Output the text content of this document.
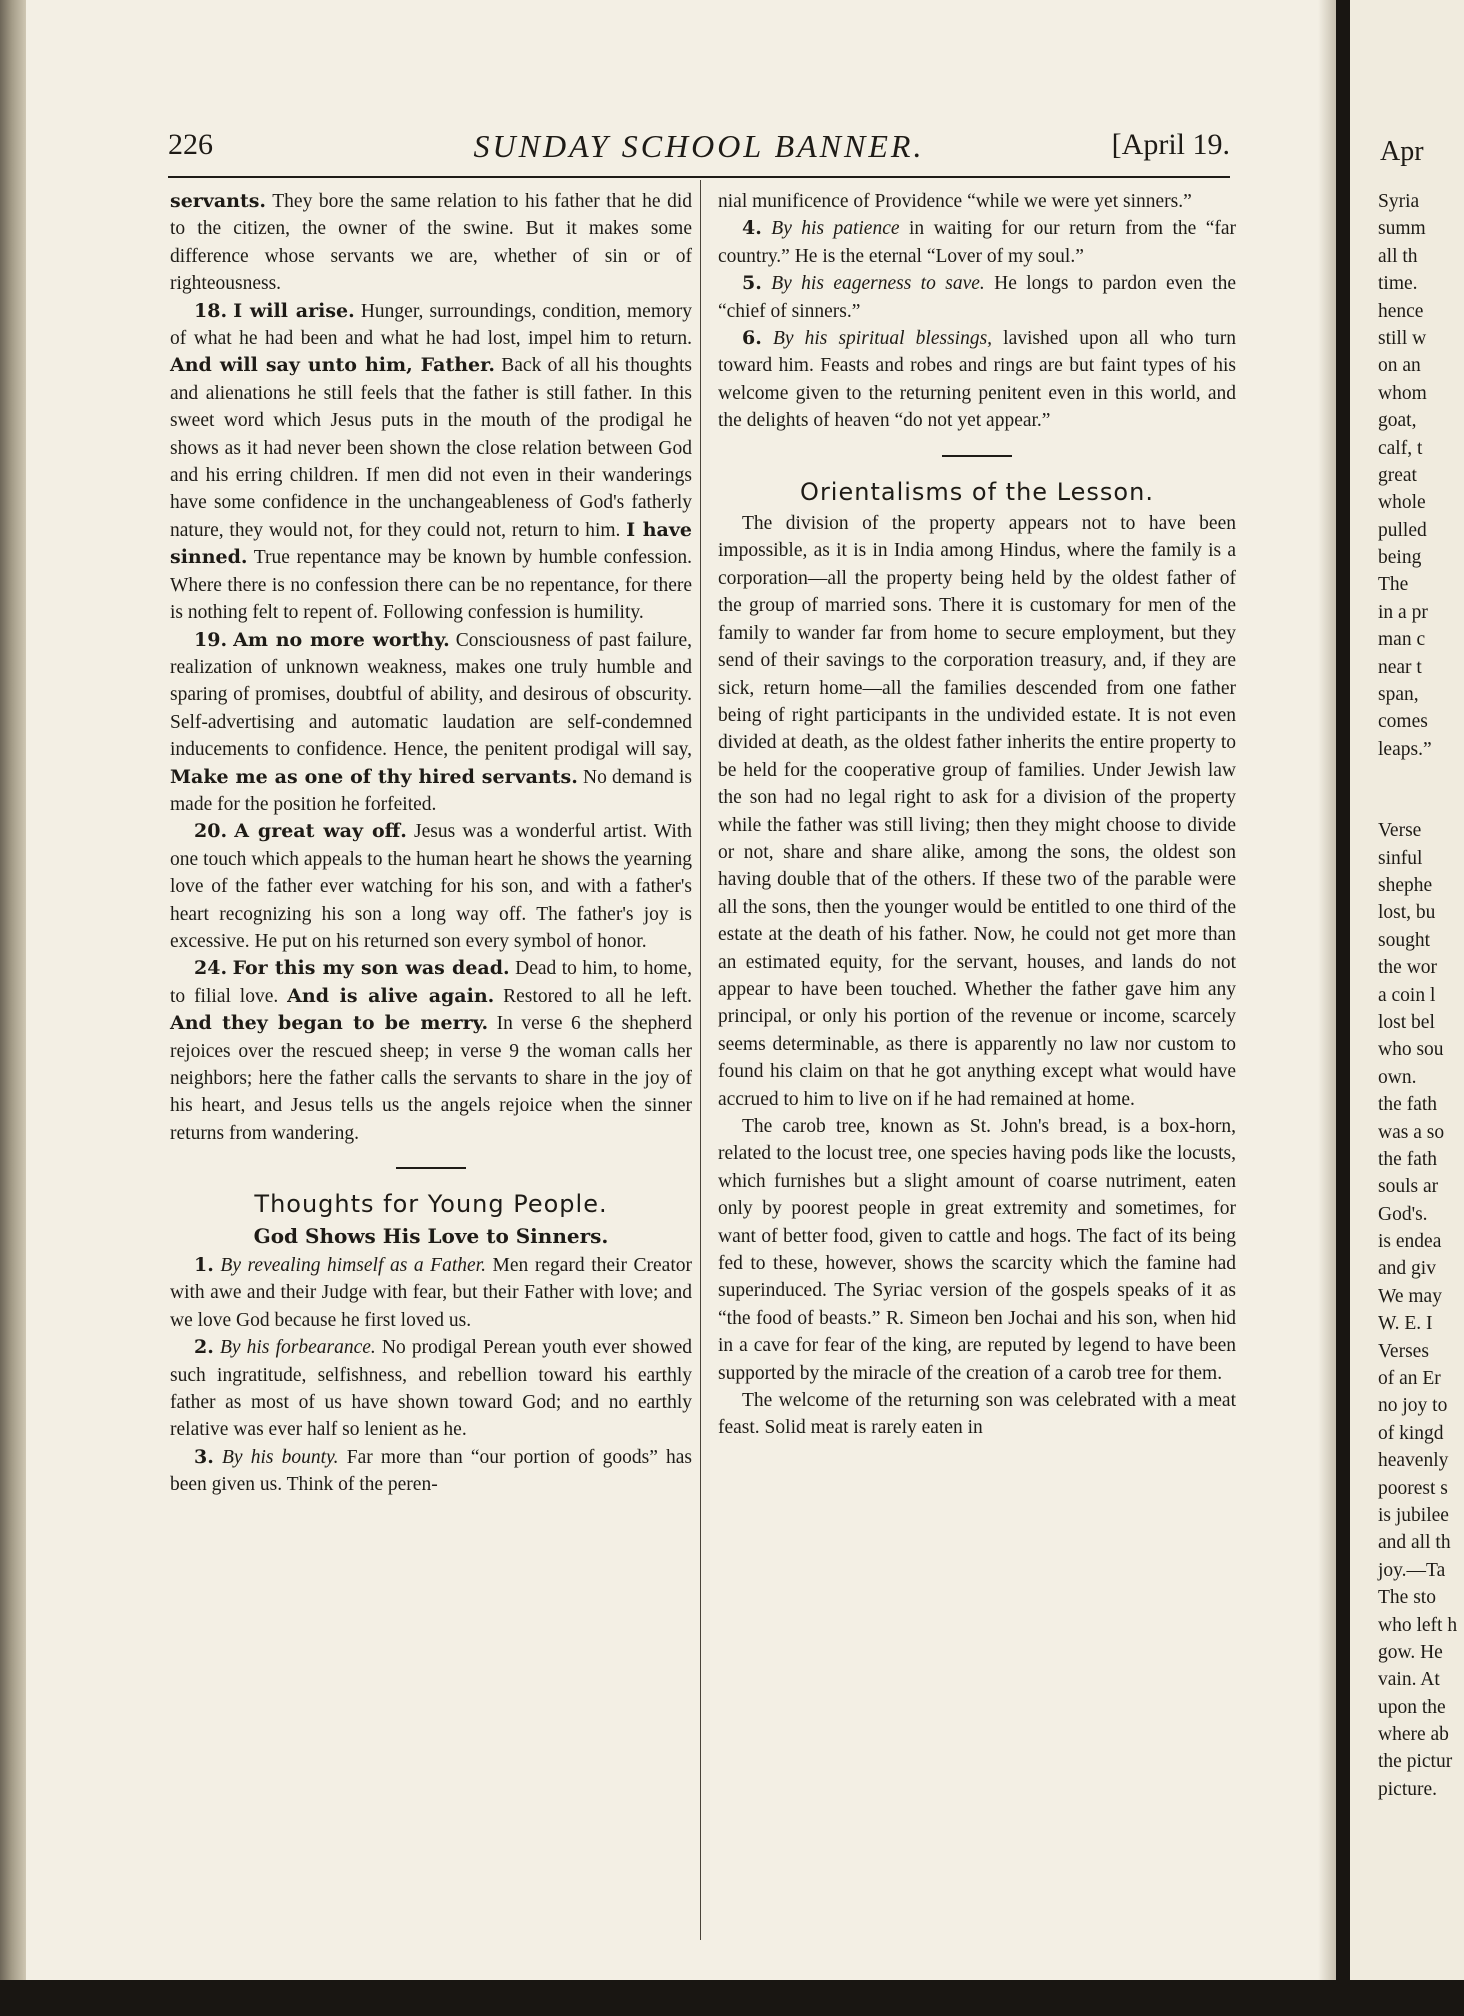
Apr
Syria
summ
all th
time.
hence
still w
on an
whom
goat,
calf, t
great
whole
pulled
being
The
in a pr
man c
near t
span,
comes
leaps.”
Verse
sinful
shephe
lost, bu
sought
the wor
a coin l
lost bel
who sou
own.
the fath
was a so
the fath
souls ar
God's.
is endea
and giv
We may
W. E. I
Verses
of an Er
no joy to
of kingd
heavenly
poorest s
is jubilee
and all th
joy.—Ta
The sto
who left h
gow. He
vain. At
upon the
where ab
the pictur
picture.
226	SUNDAY SCHOOL BANNER.	[April 19.

servants. They bore the same relation to his father that he did to the citizen, the owner of the swine. But it makes some difference whose servants we are, whether of sin or of righteousness.

18. I will arise. Hunger, surroundings, condition, memory of what he had been and what he had lost, impel him to return. And will say unto him, Father. Back of all his thoughts and alienations he still feels that the father is still father. In this sweet word which Jesus puts in the mouth of the prodigal he shows as it had never been shown the close relation between God and his erring children. If men did not even in their wanderings have some confidence in the unchangeableness of God's fatherly nature, they would not, for they could not, return to him. I have sinned. True repentance may be known by humble confession. Where there is no confession there can be no repentance, for there is nothing felt to repent of. Following confession is humility.

19. Am no more worthy. Consciousness of past failure, realization of unknown weakness, makes one truly humble and sparing of promises, doubtful of ability, and desirous of obscurity. Self-advertising and automatic laudation are self-condemned inducements to confidence. Hence, the penitent prodigal will say, Make me as one of thy hired servants. No demand is made for the position he forfeited.

20. A great way off. Jesus was a wonderful artist. With one touch which appeals to the human heart he shows the yearning love of the father ever watching for his son, and with a father's heart recognizing his son a long way off. The father's joy is excessive. He put on his returned son every symbol of honor.

24. For this my son was dead. Dead to him, to home, to filial love. And is alive again. Restored to all he left. And they began to be merry. In verse 6 the shepherd rejoices over the rescued sheep; in verse 9 the woman calls her neighbors; here the father calls the servants to share in the joy of his heart, and Jesus tells us the angels rejoice when the sinner returns from wandering.

Thoughts for Young People.
God Shows His Love to Sinners.

1. By revealing himself as a Father. Men regard their Creator with awe and their Judge with fear, but their Father with love; and we love God because he first loved us.

2. By his forbearance. No prodigal Perean youth ever showed such ingratitude, selfishness, and rebellion toward his earthly father as most of us have shown toward God; and no earthly relative was ever half so lenient as he.

3. By his bounty. Far more than “our portion of goods” has been given us. Think of the peren-

nial munificence of Providence “while we were yet sinners.”

4. By his patience in waiting for our return from the “far country.” He is the eternal “Lover of my soul.”

5. By his eagerness to save. He longs to pardon even the “chief of sinners.”

6. By his spiritual blessings, lavished upon all who turn toward him. Feasts and robes and rings are but faint types of his welcome given to the returning penitent even in this world, and the delights of heaven “do not yet appear.”

Orientalisms of the Lesson.

The division of the property appears not to have been impossible, as it is in India among Hindus, where the family is a corporation—all the property being held by the oldest father of the group of married sons. There it is customary for men of the family to wander far from home to secure employment, but they send of their savings to the corporation treasury, and, if they are sick, return home—all the families descended from one father being of right participants in the undivided estate. It is not even divided at death, as the oldest father inherits the entire property to be held for the cooperative group of families. Under Jewish law the son had no legal right to ask for a division of the property while the father was still living; then they might choose to divide or not, share and share alike, among the sons, the oldest son having double that of the others. If these two of the parable were all the sons, then the younger would be entitled to one third of the estate at the death of his father. Now, he could not get more than an estimated equity, for the servant, houses, and lands do not appear to have been touched. Whether the father gave him any principal, or only his portion of the revenue or income, scarcely seems determinable, as there is apparently no law nor custom to found his claim on that he got anything except what would have accrued to him to live on if he had remained at home.

The carob tree, known as St. John's bread, is a box-horn, related to the locust tree, one species having pods like the locusts, which furnishes but a slight amount of coarse nutriment, eaten only by poorest people in great extremity and sometimes, for want of better food, given to cattle and hogs. The fact of its being fed to these, however, shows the scarcity which the famine had superinduced. The Syriac version of the gospels speaks of it as “the food of beasts.” R. Simeon ben Jochai and his son, when hid in a cave for fear of the king, are reputed by legend to have been supported by the miracle of the creation of a carob tree for them.

The welcome of the returning son was celebrated with a meat feast. Solid meat is rarely eaten in
